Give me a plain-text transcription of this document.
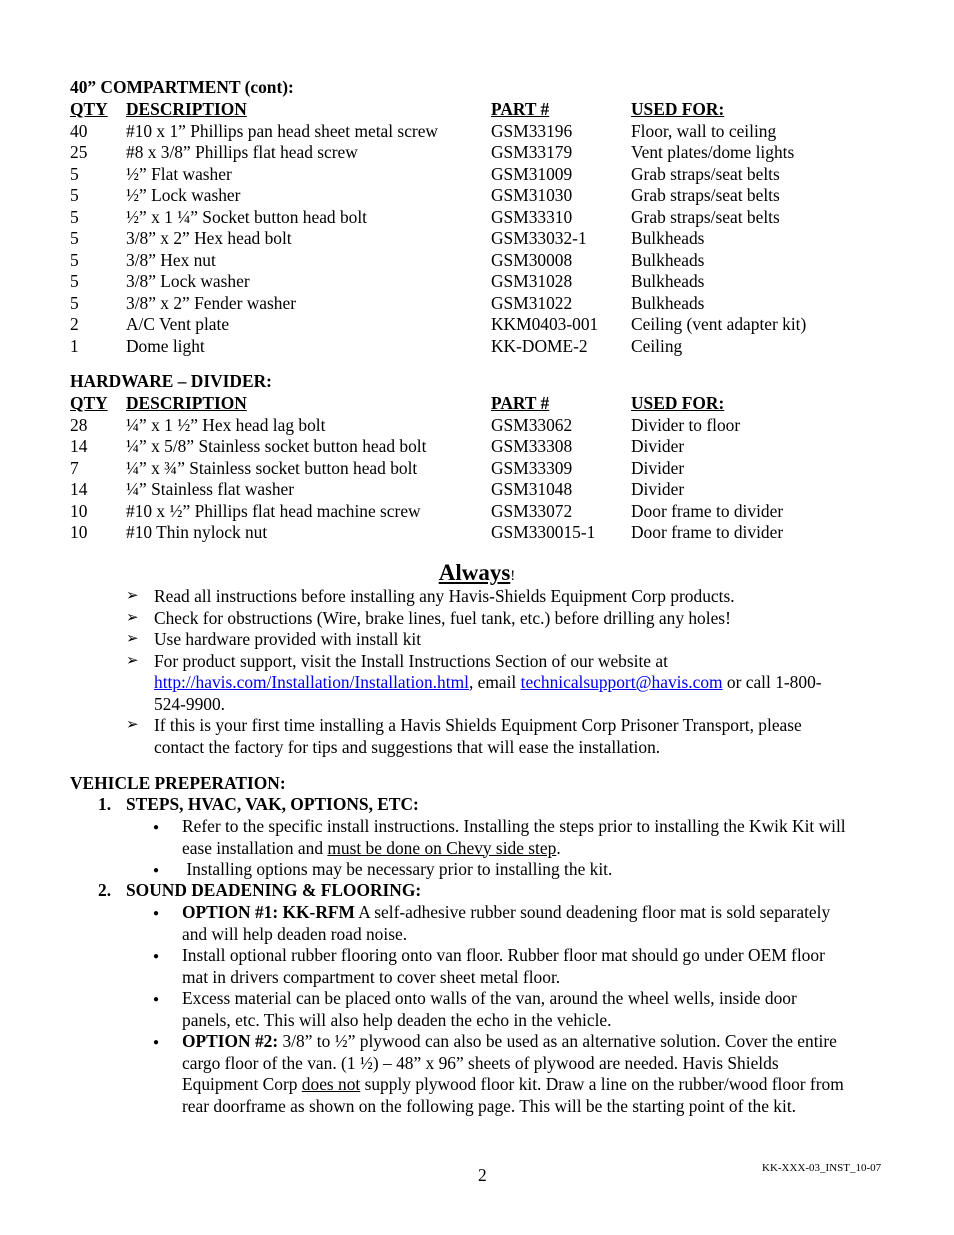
40” COMPARTMENT (cont):
QTY DESCRIPTION	PART #	USED FOR:
40 #10 x 1” Phillips pan head sheet metal screw	GSM33196	Floor, wall to ceiling
25 #8 x 3/8” Phillips flat head screw	GSM33179	Vent plates/dome lights
5	½” Flat washer	GSM31009	Grab straps/seat belts
5	½” Lock washer	GSM31030	Grab straps/seat belts
5	½” x 1 ¼” Socket button head bolt	GSM33310	Grab straps/seat belts
5	3/8” x 2” Hex head bolt	GSM33032-1	Bulkheads
5	3/8” Hex nut	GSM30008	Bulkheads
5	3/8” Lock washer	GSM31028	Bulkheads
5	3/8” x 2” Fender washer	GSM31022	Bulkheads
2	A/C Vent plate	KKM0403-001 Ceiling (vent adapter kit)
1	Dome light	KK-DOME-2 Ceiling
HARDWARE – DIVIDER:
QTY DESCRIPTION	PART #	USED FOR:
28 ¼” x 1 ½” Hex head lag bolt	GSM33062	Divider to floor
14 ¼” x 5/8” Stainless socket button head bolt	GSM33308	Divider
7	¼” x ¾” Stainless socket button head bolt	GSM33309	Divider
14 ¼” Stainless flat washer	GSM31048	Divider
10 #10 x ½” Phillips flat head machine screw	GSM33072	Door frame to divider
10 #10 Thin nylock nut	GSM330015-1 Door frame to divider
Always!
➢ Read all instructions before installing any Havis-Shields Equipment Corp products.
➢ Check for obstructions (Wire, brake lines, fuel tank, etc.) before drilling any holes!
➢ Use hardware provided with install kit
➢ For product support, visit the Install Instructions Section of our website at
http://havis.com/Installation/Installation.html, email technicalsupport@havis.com or call 1-800-
524-9900.
➢ If this is your first time installing a Havis Shields Equipment Corp Prisoner Transport, please
contact the factory for tips and suggestions that will ease the installation.
VEHICLE PREPERATION:
1. STEPS, HVAC, VAK, OPTIONS, ETC:
● Refer to the specific install instructions. Installing the steps prior to installing the Kwik Kit will
ease installation and must be done on Chevy side step.
● Installing options may be necessary prior to installing the kit.
2. SOUND DEADENING & FLOORING:
● OPTION #1: KK-RFM A self-adhesive rubber sound deadening floor mat is sold separately
and will help deaden road noise.
● Install optional rubber flooring onto van floor. Rubber floor mat should go under OEM floor
mat in drivers compartment to cover sheet metal floor.
● Excess material can be placed onto walls of the van, around the wheel wells, inside door
panels, etc. This will also help deaden the echo in the vehicle.
● OPTION #2: 3/8” to ½” plywood can also be used as an alternative solution. Cover the entire
cargo floor of the van. (1 ½) – 48” x 96” sheets of plywood are needed. Havis Shields
Equipment Corp does not supply plywood floor kit. Draw a line on the rubber/wood floor from
rear doorframe as shown on the following page. This will be the starting point of the kit.
2	KK-XXX-03_INST_10-07
